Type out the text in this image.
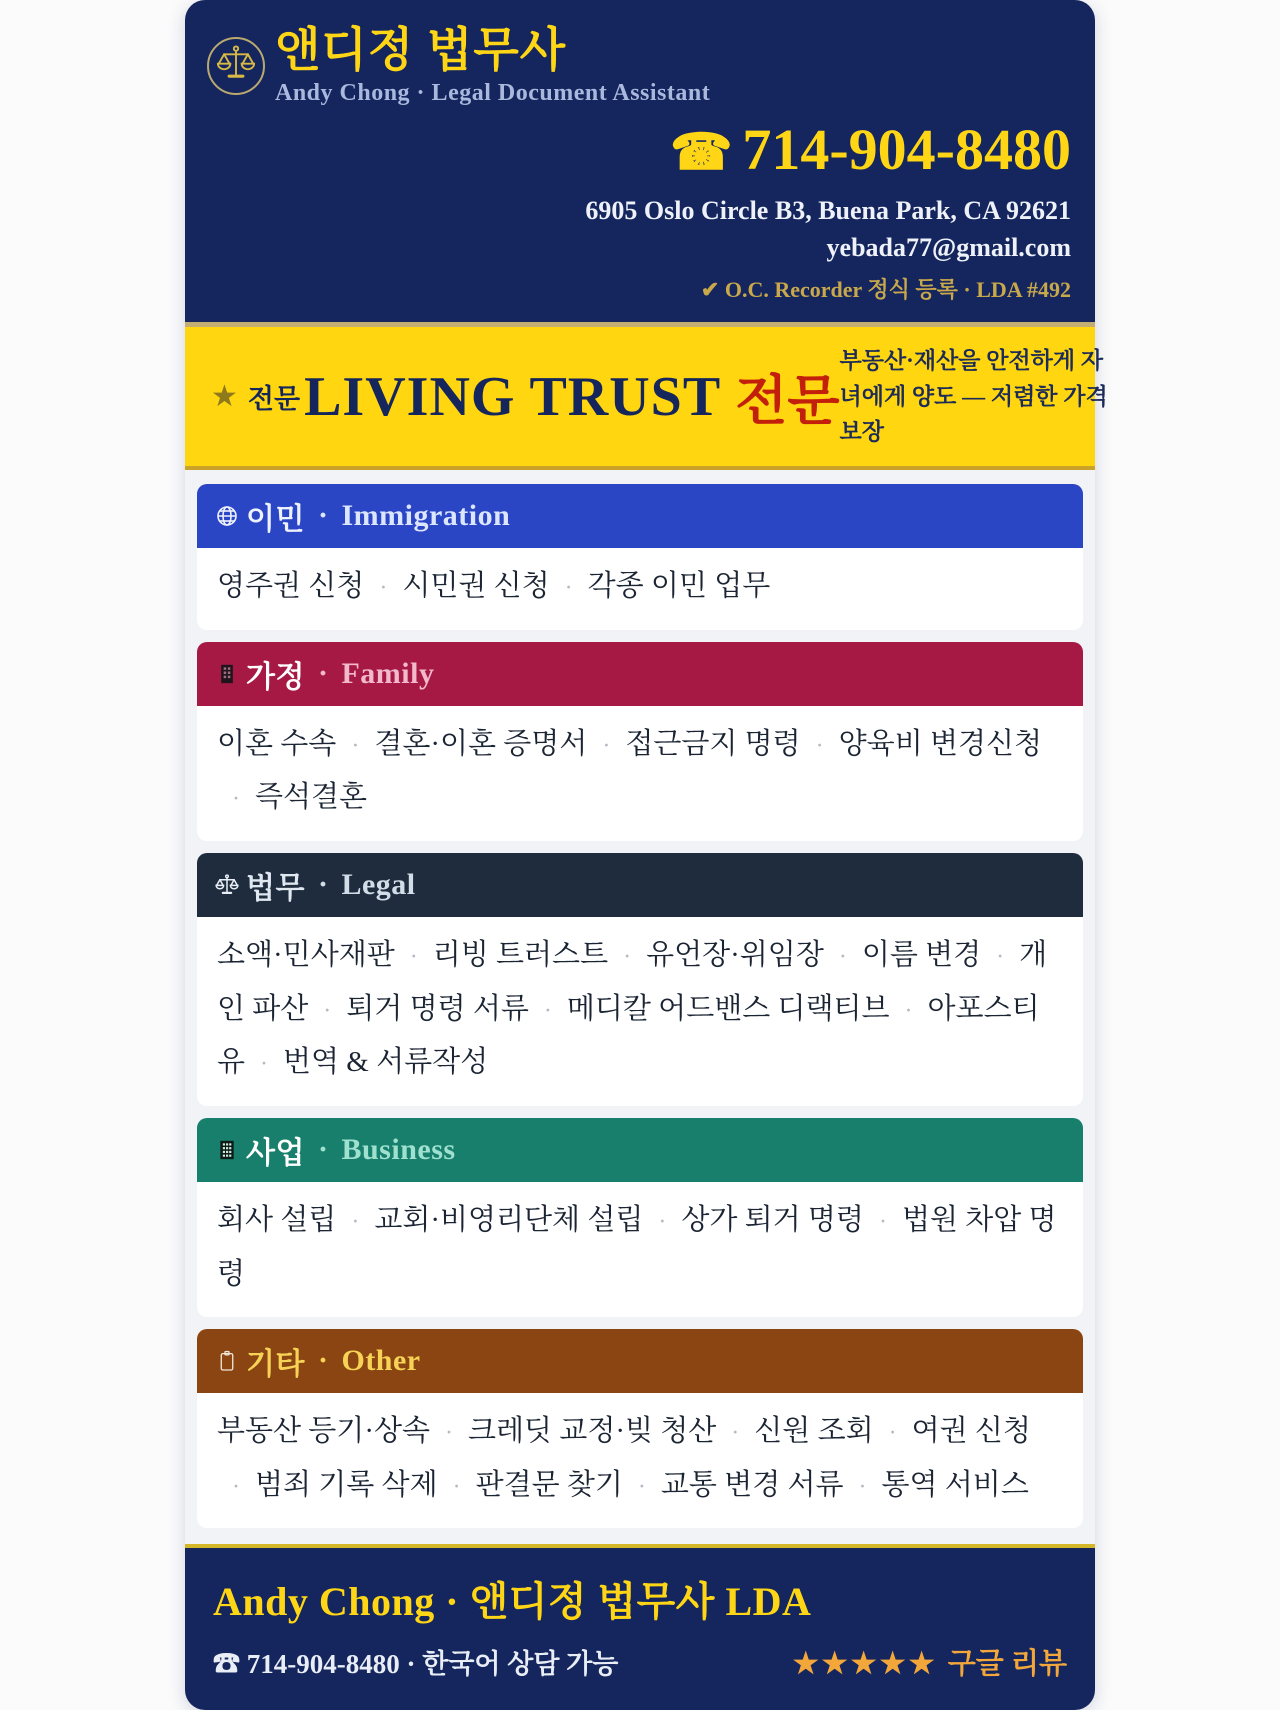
앤디정 법무사
Andy Chong · Legal Document Assistant
☎ 714-904-8480
6905 Oslo Circle B3, Buena Park, CA 92621
yebada77@gmail.com
✔ O.C. Recorder 정식 등록 · LDA #492
★ 전문 LIVING TRUST 전문
부동산·재산을 안전하게 자녀에게 양도 — 저렴한 가격 보장
이민 · Immigration
영주권 신청 · 시민권 신청 · 각종 이민 업무
가정 · Family
이혼 수속 · 결혼·이혼 증명서 · 접근금지 명령 · 양육비 변경신청· 즉석결혼
법무 · Legal
소액·민사재판 · 리빙 트러스트 · 유언장·위임장 · 이름 변경 · 개인 파산 · 퇴거 명령 서류 · 메디칼 어드밴스 디랙티브 · 아포스티유 · 번역 & 서류작성
사업 · Business
회사 설립 · 교회·비영리단체 설립 · 상가 퇴거 명령 · 법원 차압 명령
기타 · Other
부동산 등기·상속 · 크레딧 교정·빚 청산 · 신원 조회 · 여권 신청· 범죄 기록 삭제 · 판결문 찾기 · 교통 변경 서류 · 통역 서비스
Andy Chong · 앤디정 법무사 LDA
☎ 714-904-8480 · 한국어 상담 가능	★★★★★ 구글 리뷰
